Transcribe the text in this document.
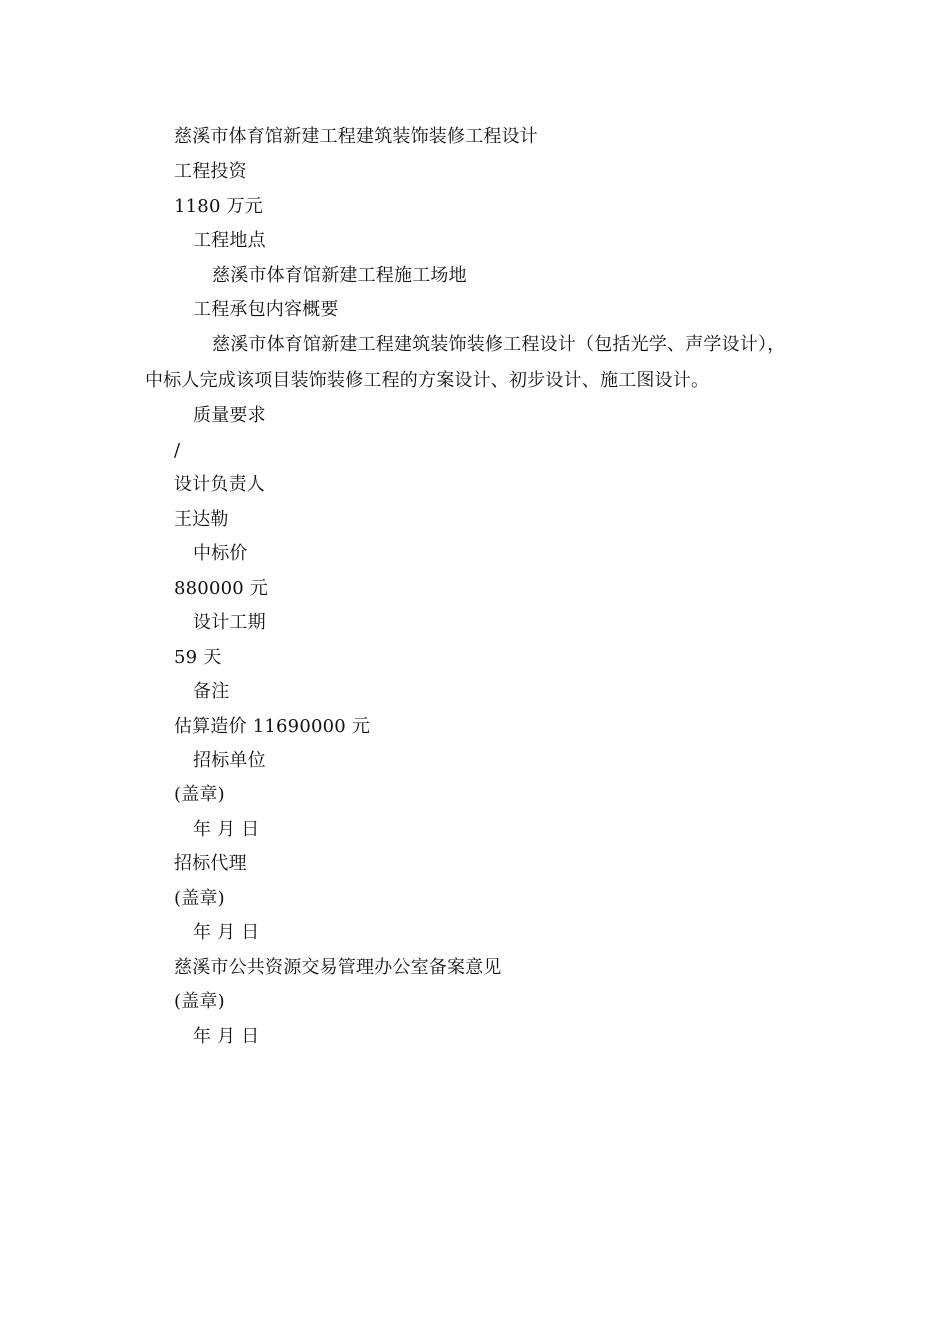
慈溪市体育馆新建工程建筑装饰装修工程设计
工程投资
1180 万元
工程地点
慈溪市体育馆新建工程施工场地
工程承包内容概要
慈溪市体育馆新建工程建筑装饰装修工程设计（包括光学、声学设计），
中标人完成该项目装饰装修工程的方案设计、初步设计、施工图设计。
质量要求
/
设计负责人
王达勒
中标价
880000 元
设计工期
59 天
备注
估算造价 11690000 元
招标单位
(盖章)
年 月 日
招标代理
(盖章)
年 月 日
慈溪市公共资源交易管理办公室备案意见
(盖章)
年 月 日
